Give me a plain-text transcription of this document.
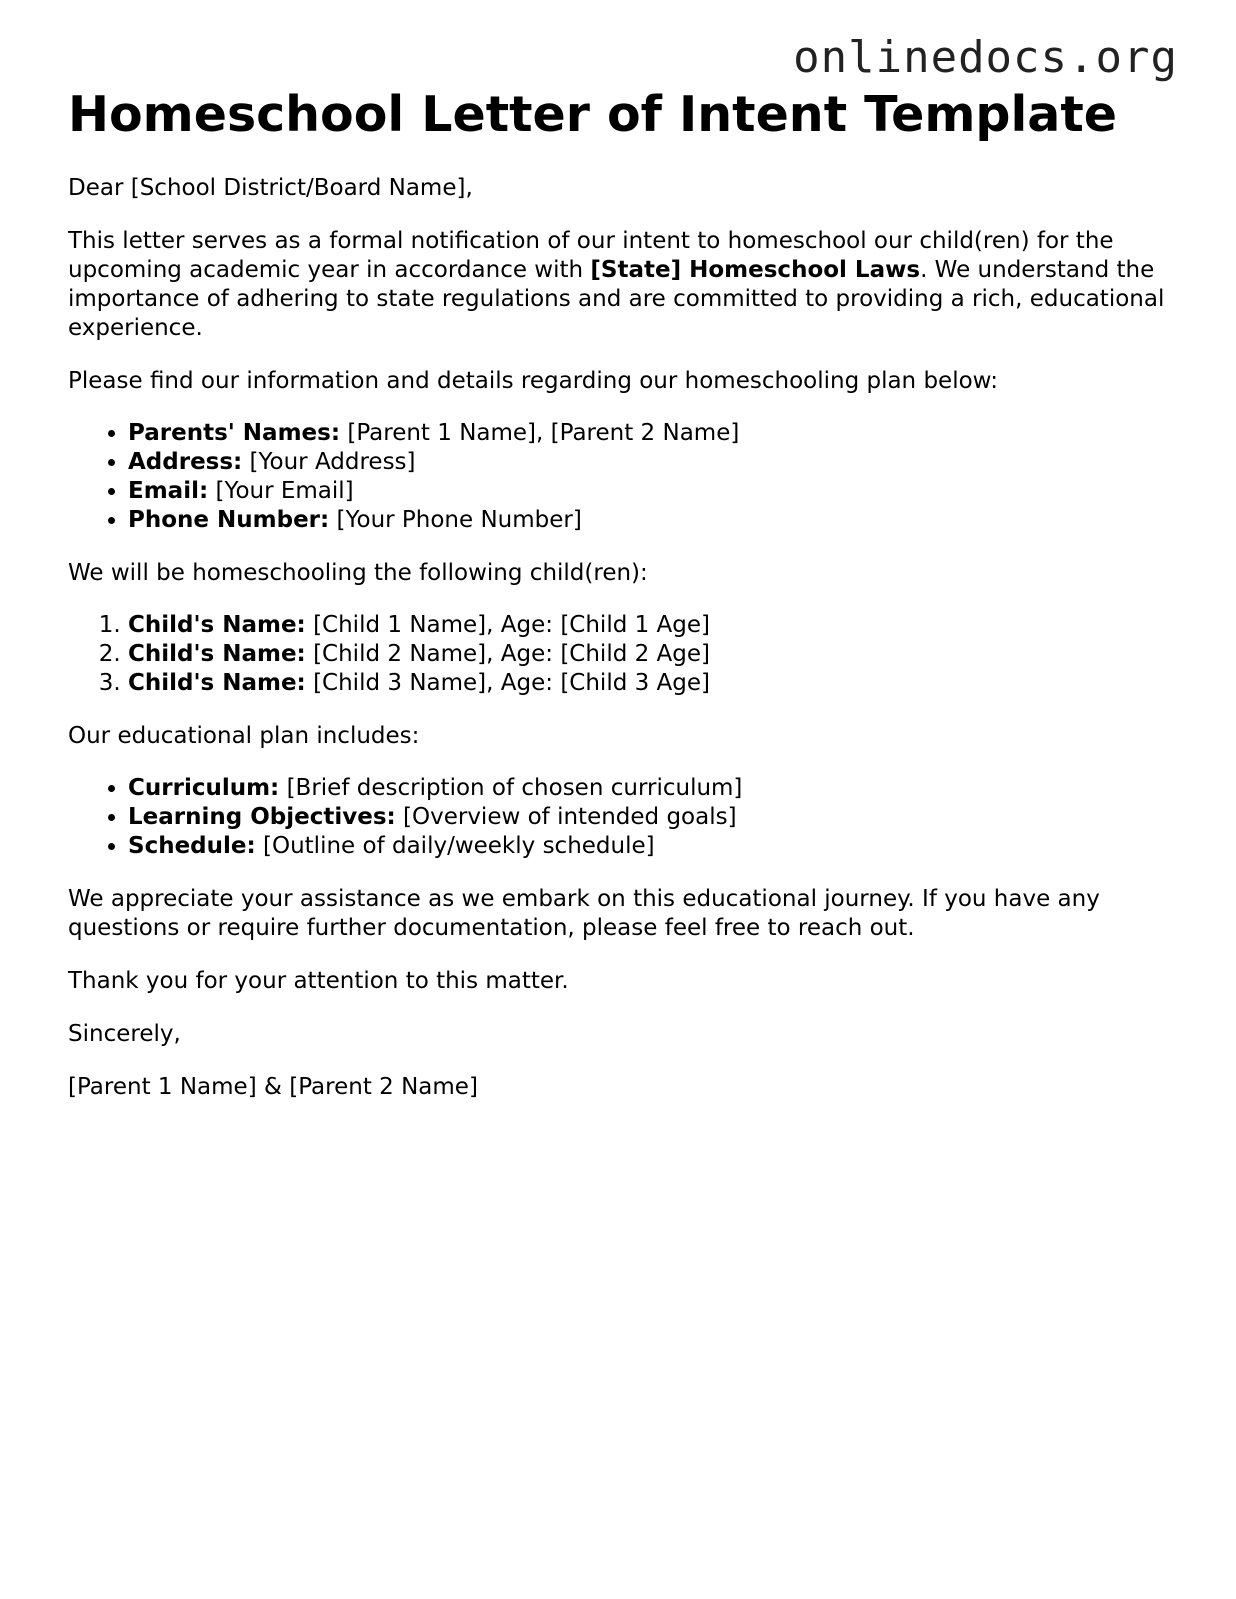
onlinedocs.org
Homeschool Letter of Intent Template

Dear [School District/Board Name],

This letter serves as a formal notification of our intent to homeschool our child(ren) for the upcoming academic year in accordance with [State] Homeschool Laws. We understand the importance of adhering to state regulations and are committed to providing a rich, educational experience.

Please find our information and details regarding our homeschooling plan below:

• Parents' Names: [Parent 1 Name], [Parent 2 Name]
• Address: [Your Address]
• Email: [Your Email]
• Phone Number: [Your Phone Number]

We will be homeschooling the following child(ren):

1. Child's Name: [Child 1 Name], Age: [Child 1 Age]
2. Child's Name: [Child 2 Name], Age: [Child 2 Age]
3. Child's Name: [Child 3 Name], Age: [Child 3 Age]

Our educational plan includes:

• Curriculum: [Brief description of chosen curriculum]
• Learning Objectives: [Overview of intended goals]
• Schedule: [Outline of daily/weekly schedule]

We appreciate your assistance as we embark on this educational journey. If you have any questions or require further documentation, please feel free to reach out.

Thank you for your attention to this matter.

Sincerely,

[Parent 1 Name] & [Parent 2 Name]
